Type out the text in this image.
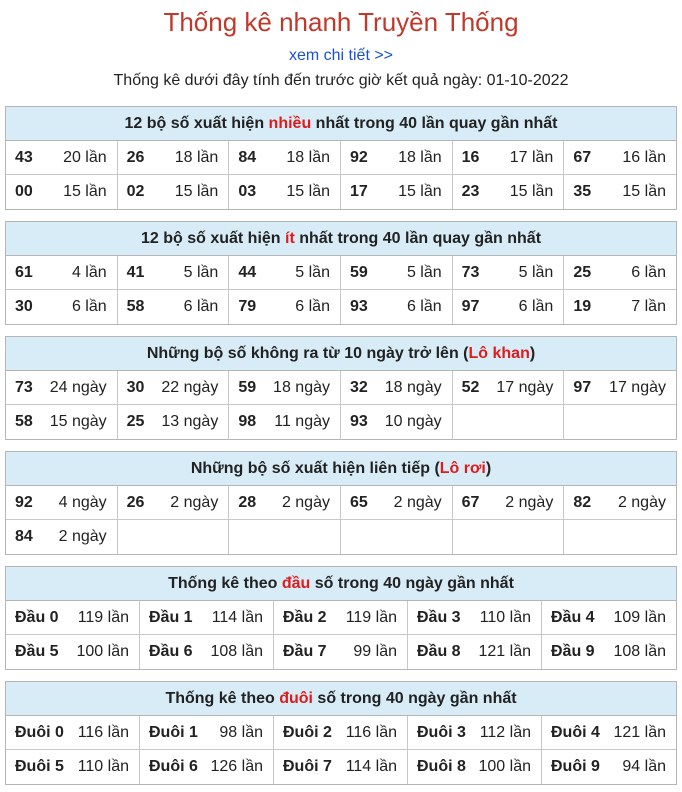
Thống kê nhanh Truyền Thống
xem chi tiết >>
Thống kê dưới đây tính đến trước giờ kết quả ngày: 01-10-2022
12 bộ số xuất hiện nhiều nhất trong 40 lần quay gần nhất
43 20 lần 26 18 lần 84 18 lần 92 18 lần 16 17 lần 67 16 lần
00 15 lần 02 15 lần 03 15 lần 17 15 lần 23 15 lần 35 15 lần
12 bộ số xuất hiện ít nhất trong 40 lần quay gần nhất
61 4 lần 41 5 lần 44 5 lần 59 5 lần 73 5 lần 25	6 lần
30 6 lần 58 6 lần 79 6 lần 93 6 lần 97 6 lần 19	7 lần
Những bộ số không ra từ 10 ngày trở lên (Lô khan)
73 24 ngày 30 22 ngày 59 18 ngày 32 18 ngày 52 17 ngày 97 17 ngày
58 15 ngày 25 13 ngày 98 11 ngày 93 10 ngày
Những bộ số xuất hiện liên tiếp (Lô rơi)
92 4 ngày 26 2 ngày 28 2 ngày 65 2 ngày 67 2 ngày 82 2 ngày
84 2 ngày
Thống kê theo đầu số trong 40 ngày gần nhất
Đầu 0 119 lần Đầu 1 114 lần Đầu 2 119 lần Đầu 3 110 lần Đầu 4 109 lần
Đầu 5 100 lần Đầu 6 108 lần Đầu 7 99 lần Đầu 8 121 lần Đầu 9 108 lần
Thống kê theo đuôi số trong 40 ngày gần nhất
Đuôi 0 116 lần Đuôi 1 98 lần Đuôi 2 116 lần Đuôi 3 112 lần Đuôi 4 121 lần
Đuôi 5 110 lần Đuôi 6 126 lần Đuôi 7 114 lần Đuôi 8 100 lần Đuôi 9 94 lần
